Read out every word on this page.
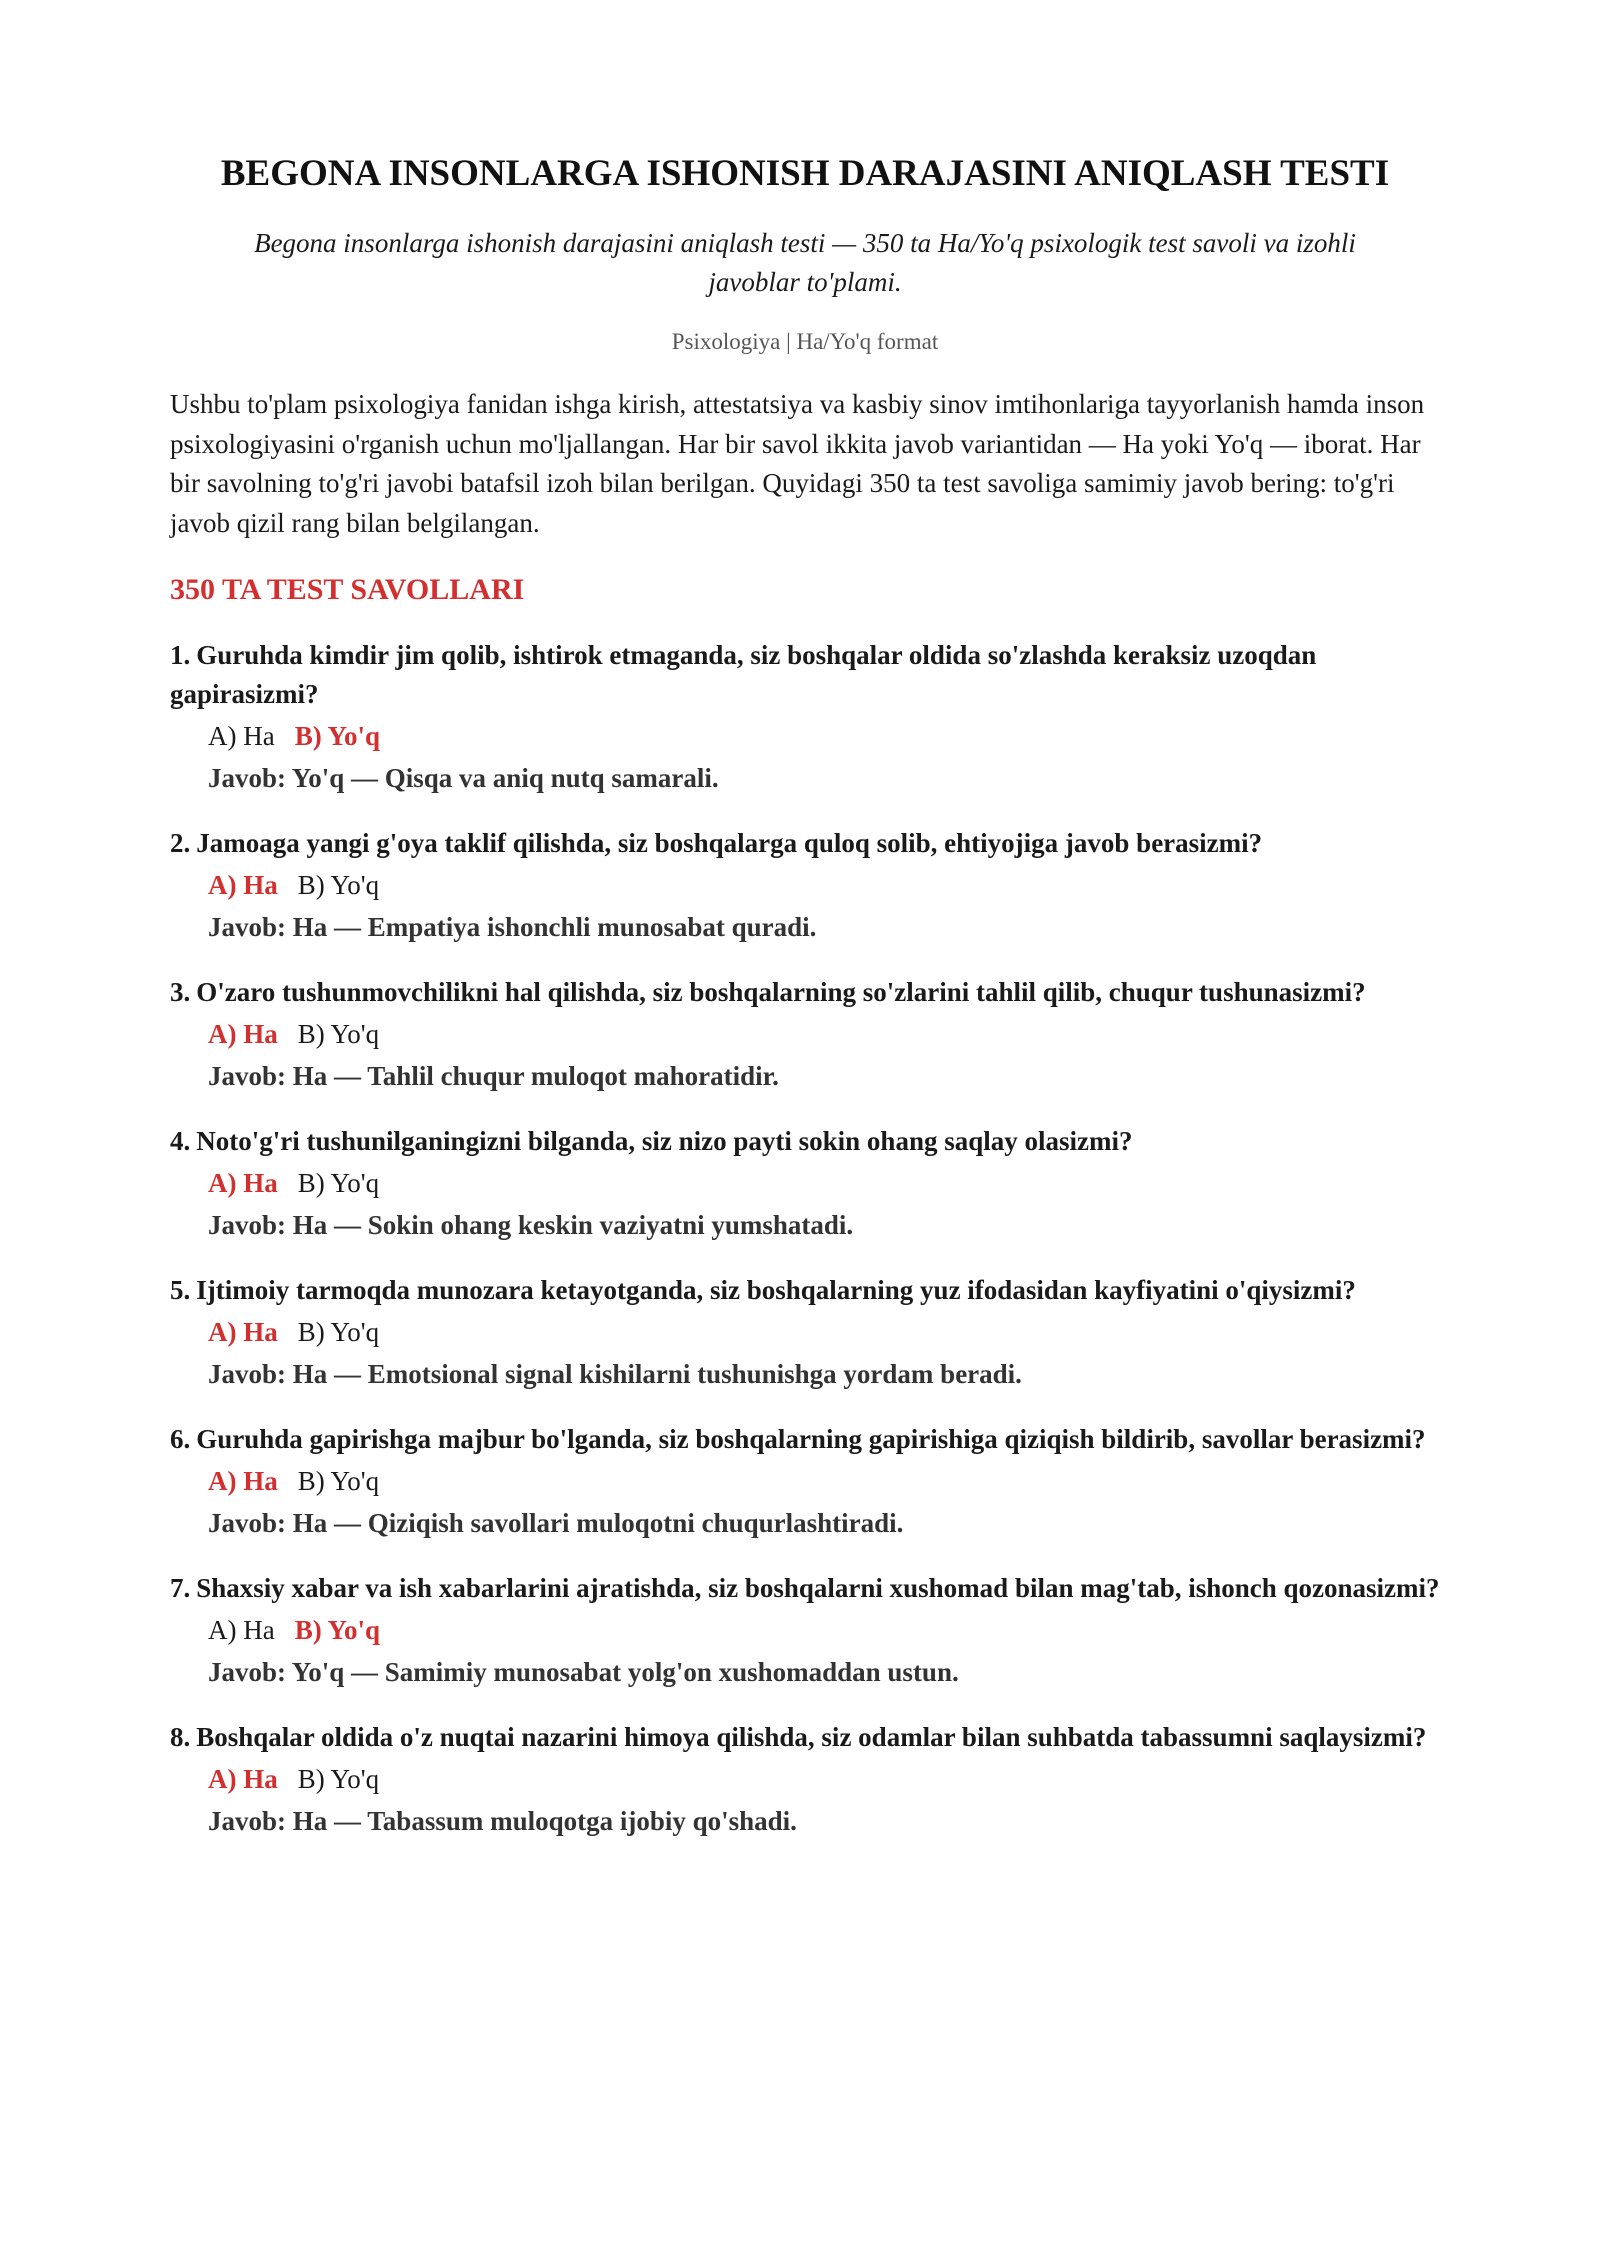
BEGONA INSONLARGA ISHONISH DARAJASINI ANIQLASH TESTI
Begona insonlarga ishonish darajasini aniqlash testi — 350 ta Ha/Yo'q psixologik test savoli va izohli javoblar to'plami.
Psixologiya | Ha/Yo'q format
Ushbu to'plam psixologiya fanidan ishga kirish, attestatsiya va kasbiy sinov imtihonlariga tayyorlanish hamda inson psixologiyasini o'rganish uchun mo'ljallangan. Har bir savol ikkita javob variantidan — Ha yoki Yo'q — iborat. Har bir savolning to'g'ri javobi batafsil izoh bilan berilgan. Quyidagi 350 ta test savoliga samimiy javob bering: to'g'ri javob qizil rang bilan belgilangan.
350 TA TEST SAVOLLARI
1. Guruhda kimdir jim qolib, ishtirok etmaganda, siz boshqalar oldida so'zlashda keraksiz uzoqdan gapirasizmi?
A) Ha B) Yo'q
Javob: Yo'q — Qisqa va aniq nutq samarali.
2. Jamoaga yangi g'oya taklif qilishda, siz boshqalarga quloq solib, ehtiyojiga javob berasizmi?
A) Ha B) Yo'q
Javob: Ha — Empatiya ishonchli munosabat quradi.
3. O'zaro tushunmovchilikni hal qilishda, siz boshqalarning so'zlarini tahlil qilib, chuqur tushunasizmi?
A) Ha B) Yo'q
Javob: Ha — Tahlil chuqur muloqot mahoratidir.
4. Noto'g'ri tushunilganingizni bilganda, siz nizo payti sokin ohang saqlay olasizmi?
A) Ha B) Yo'q
Javob: Ha — Sokin ohang keskin vaziyatni yumshatadi.
5. Ijtimoiy tarmoqda munozara ketayotganda, siz boshqalarning yuz ifodasidan kayfiyatini o'qiysizmi?
A) Ha B) Yo'q
Javob: Ha — Emotsional signal kishilarni tushunishga yordam beradi.
6. Guruhda gapirishga majbur bo'lganda, siz boshqalarning gapirishiga qiziqish bildirib, savollar berasizmi?
A) Ha B) Yo'q
Javob: Ha — Qiziqish savollari muloqotni chuqurlashtiradi.
7. Shaxsiy xabar va ish xabarlarini ajratishda, siz boshqalarni xushomad bilan mag'tab, ishonch qozonasizmi?
A) Ha B) Yo'q
Javob: Yo'q — Samimiy munosabat yolg'on xushomaddan ustun.
8. Boshqalar oldida o'z nuqtai nazarini himoya qilishda, siz odamlar bilan suhbatda tabassumni saqlaysizmi?
A) Ha B) Yo'q
Javob: Ha — Tabassum muloqotga ijobiy qo'shadi.
